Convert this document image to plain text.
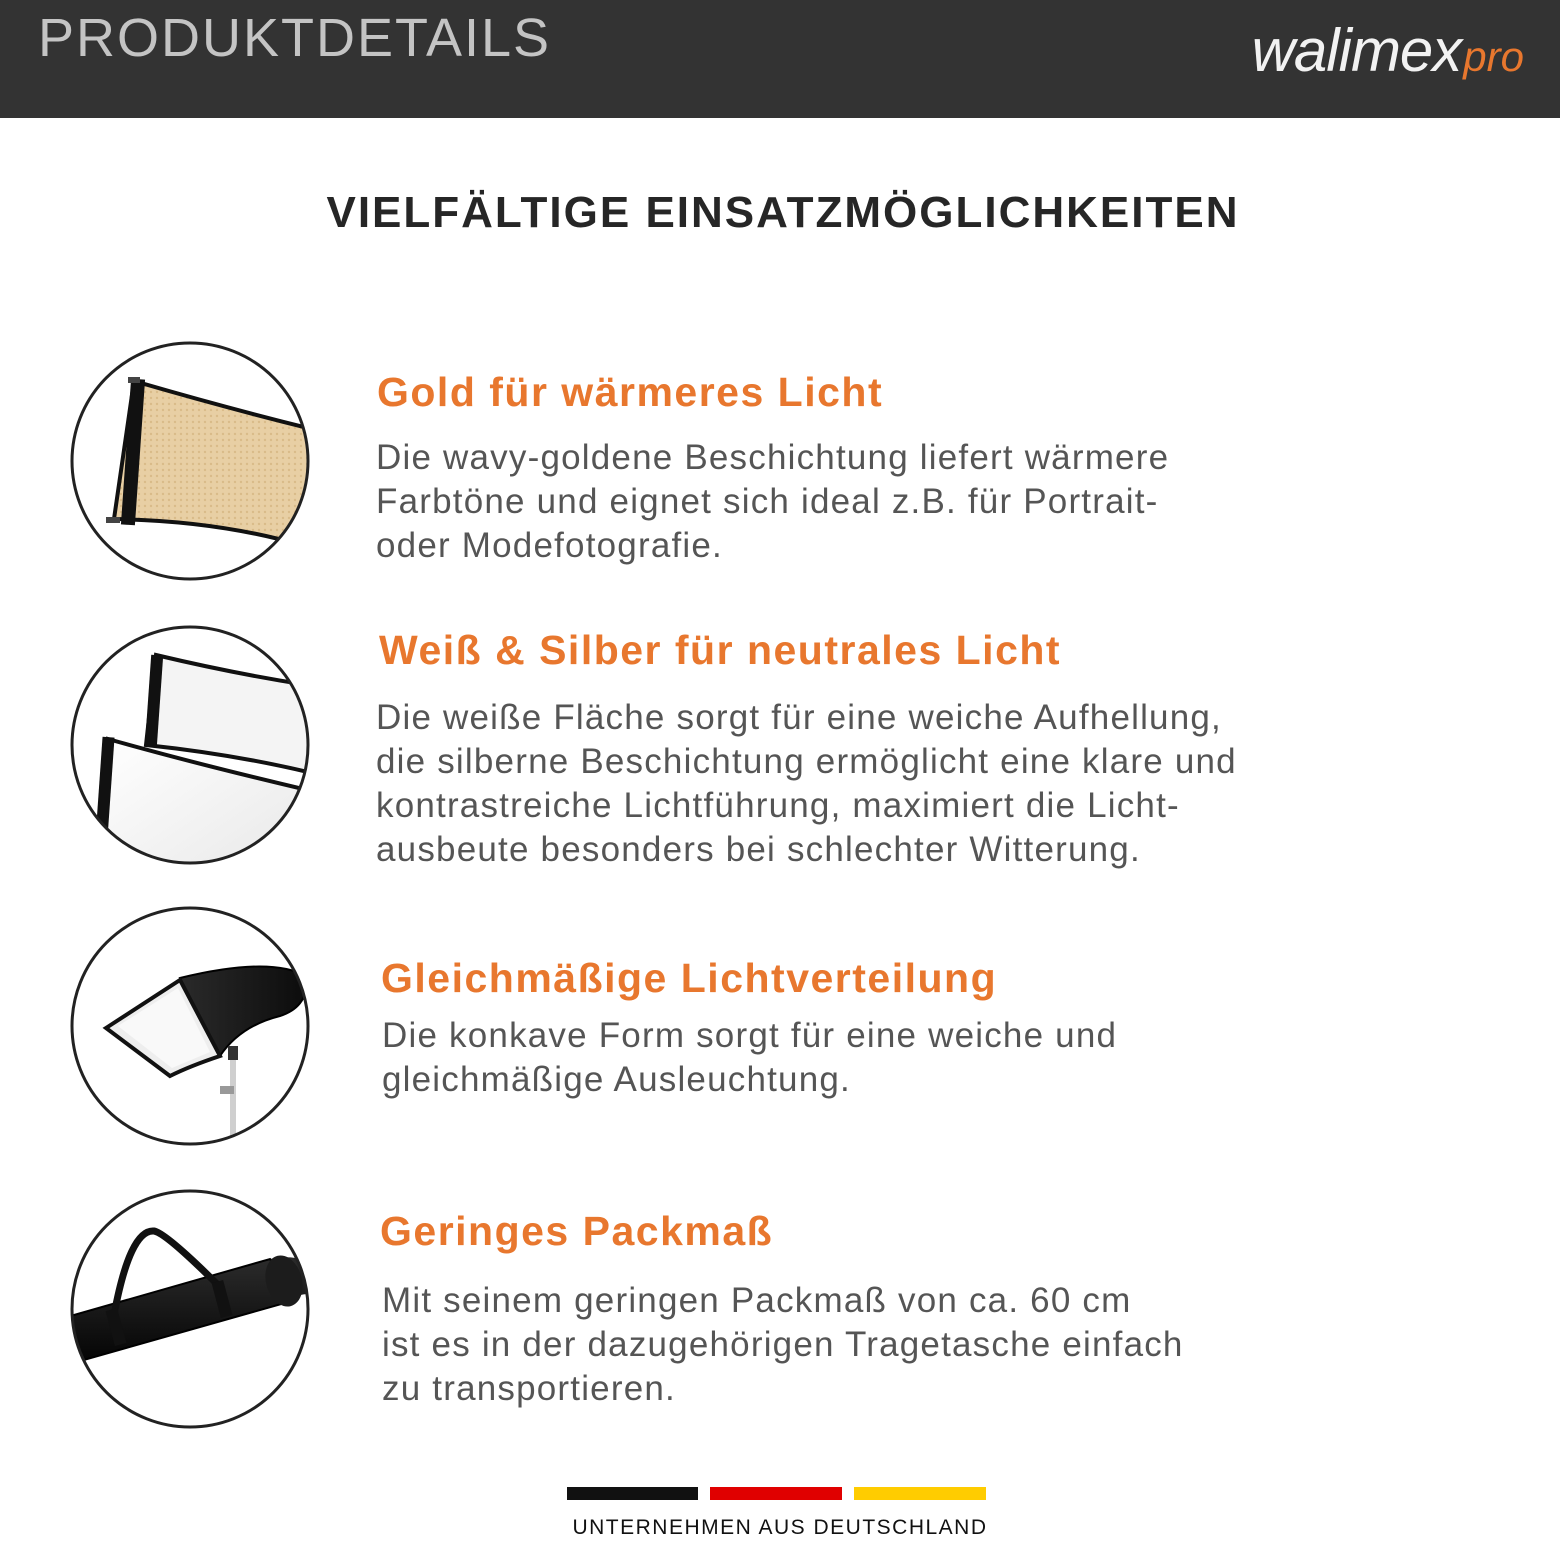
PRODUKTDETAILS	walimex pro
VIELFÄLTIGE EINSATZMÖGLICHKEITEN
Gold für wärmeres Licht
Die wavy-goldene Beschichtung liefert wärmere
Farbtöne und eignet sich ideal z.B. für Portrait-
oder Modefotografie.
Weiß & Silber für neutrales Licht
Die weiße Fläche sorgt für eine weiche Aufhellung,
die silberne Beschichtung ermöglicht eine klare und
kontrastreiche Lichtführung, maximiert die Licht-
ausbeute besonders bei schlechter Witterung.
Gleichmäßige Lichtverteilung
Die konkave Form sorgt für eine weiche und
gleichmäßige Ausleuchtung.
Geringes Packmaß
Mit seinem geringen Packmaß von ca. 60 cm
ist es in der dazugehörigen Tragetasche einfach
zu transportieren.
UNTERNEHMEN AUS DEUTSCHLAND
